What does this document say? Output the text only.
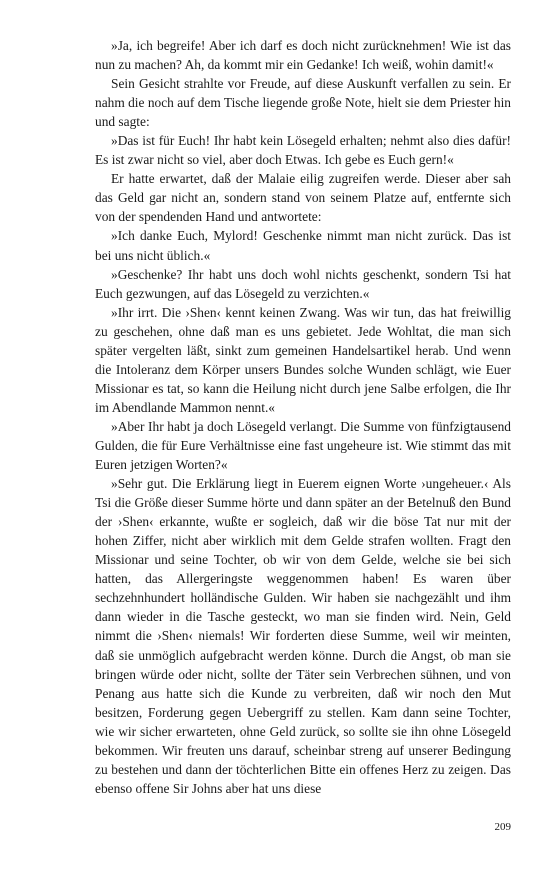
»Ja, ich begreife! Aber ich darf es doch nicht zurücknehmen! Wie ist das nun zu machen? Ah, da kommt mir ein Gedanke! Ich weiß, wohin damit!«

Sein Gesicht strahlte vor Freude, auf diese Auskunft verfallen zu sein. Er nahm die noch auf dem Tische liegende große Note, hielt sie dem Priester hin und sagte:

»Das ist für Euch! Ihr habt kein Lösegeld erhalten; nehmt also dies dafür! Es ist zwar nicht so viel, aber doch Etwas. Ich gebe es Euch gern!«

Er hatte erwartet, daß der Malaie eilig zugreifen werde. Dieser aber sah das Geld gar nicht an, sondern stand von seinem Platze auf, entfernte sich von der spendenden Hand und antwortete:

»Ich danke Euch, Mylord! Geschenke nimmt man nicht zurück. Das ist bei uns nicht üblich.«

»Geschenke? Ihr habt uns doch wohl nichts geschenkt, sondern Tsi hat Euch gezwungen, auf das Lösegeld zu verzichten.«

»Ihr irrt. Die ›Shen‹ kennt keinen Zwang. Was wir tun, das hat freiwillig zu geschehen, ohne daß man es uns gebietet. Jede Wohltat, die man sich später vergelten läßt, sinkt zum gemeinen Handelsartikel herab. Und wenn die Intoleranz dem Körper unsers Bundes solche Wunden schlägt, wie Euer Missionar es tat, so kann die Heilung nicht durch jene Salbe erfolgen, die Ihr im Abendlande Mammon nennt.«

»Aber Ihr habt ja doch Lösegeld verlangt. Die Summe von fünfzigtausend Gulden, die für Eure Verhältnisse eine fast ungeheure ist. Wie stimmt das mit Euren jetzigen Worten?«

»Sehr gut. Die Erklärung liegt in Euerem eignen Worte ›ungeheuer.‹ Als Tsi die Größe dieser Summe hörte und dann später an der Betelnuß den Bund der ›Shen‹ erkannte, wußte er sogleich, daß wir die böse Tat nur mit der hohen Ziffer, nicht aber wirklich mit dem Gelde strafen wollten. Fragt den Missionar und seine Tochter, ob wir von dem Gelde, welche sie bei sich hatten, das Allergeringste weggenommen haben! Es waren über sechzehnhundert holländische Gulden. Wir haben sie nachgezählt und ihm dann wieder in die Tasche gesteckt, wo man sie finden wird. Nein, Geld nimmt die ›Shen‹ niemals! Wir forderten diese Summe, weil wir meinten, daß sie unmöglich aufgebracht werden könne. Durch die Angst, ob man sie bringen würde oder nicht, sollte der Täter sein Verbrechen sühnen, und von Penang aus hatte sich die Kunde zu verbreiten, daß wir noch den Mut besitzen, Forderung gegen Uebergriff zu stellen. Kam dann seine Tochter, wie wir sicher erwarteten, ohne Geld zurück, so sollte sie ihn ohne Lösegeld bekommen. Wir freuten uns darauf, scheinbar streng auf unserer Bedingung zu bestehen und dann der töchterlichen Bitte ein offenes Herz zu zeigen. Das ebenso offene Sir Johns aber hat uns diese

209
